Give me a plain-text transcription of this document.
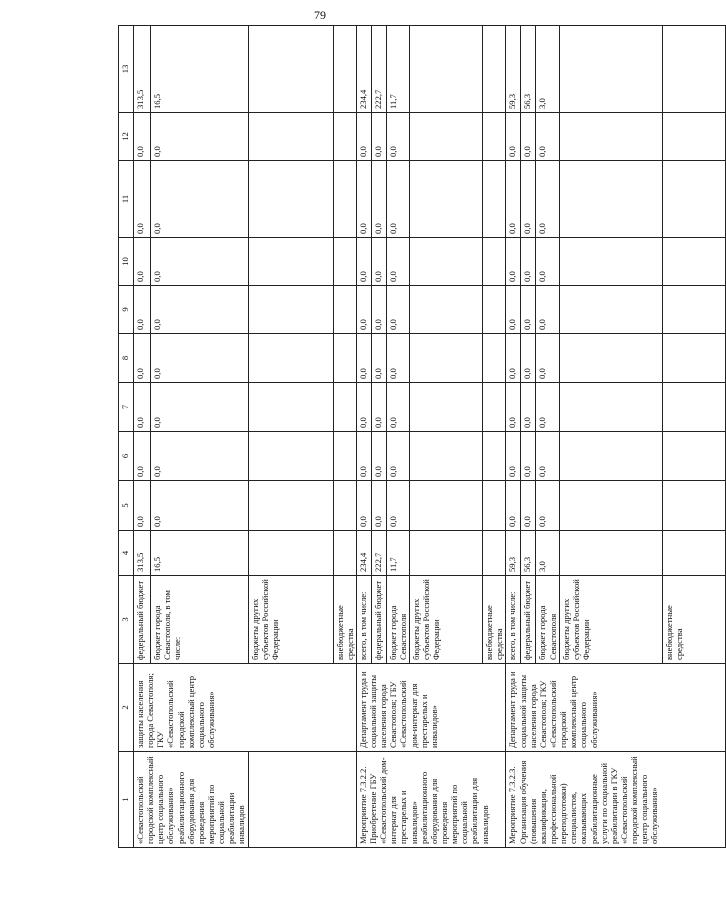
79
1	2	3	4	5	6	7	8	9	10	11	12	13
«Севастопольский городской комплексный центр социального обслуживания» реабилитационного оборудования для проведения мероприятий по социальной реабилитации инвалидов	защиты населения города Севастополя; ГКУ «Севастопольский городской комплексный центр социального обслуживания»	федеральный бюджет	313,5	0,0	0,0	0,0	0,0	0,0	0,0	0,0	0,0	313,5
		бюджет города Севастополя, в том числе:	16,5	0,0	0,0	0,0	0,0	0,0	0,0	0,0	0,0	16,5
		бюджеты других субъектов Российской Федерации										
		внебюджетные средства										
Мероприятие 7.3.2.2. Приобретение ГБУ «Севастопольский дом-интернат для престарелых и инвалидов» реабилитационного оборудования для проведения мероприятий по социальной реабилитации для инвалидов	Департамент труда и социальной защиты населения города Севастополя; ГБУ «Севастопольский дом-интернат для престарелых и инвалидов»	всего, в том числе:	234,4	0,0	0,0	0,0	0,0	0,0	0,0	0,0	0,0	234,4
		федеральный бюджет	222,7	0,0	0,0	0,0	0,0	0,0	0,0	0,0	0,0	222,7
		бюджет города Севастополя	11,7	0,0	0,0	0,0	0,0	0,0	0,0	0,0	0,0	11,7
		бюджеты других субъектов Российской Федерации										
		внебюджетные средства										
Мероприятие 7.3.2.3. Организация обучения (повышения квалификации, профессиональной переподготовки) специалистов, оказывающих реабилитационные услуги по социальной реабилитации в ГКУ «Севастопольский городской комплексный центр социального обслуживания»	Департамент труда и социальной защиты населения города Севастополя; ГКУ «Севастопольский городской комплексный центр социального обслуживания»	всего, в том числе:	59,3	0,0	0,0	0,0	0,0	0,0	0,0	0,0	0,0	59,3
		федеральный бюджет	56,3	0,0	0,0	0,0	0,0	0,0	0,0	0,0	0,0	56,3
		бюджет города Севастополя	3,0	0,0	0,0	0,0	0,0	0,0	0,0	0,0	0,0	3,0
		бюджеты других субъектов Российской Федерации										
		внебюджетные средства										
